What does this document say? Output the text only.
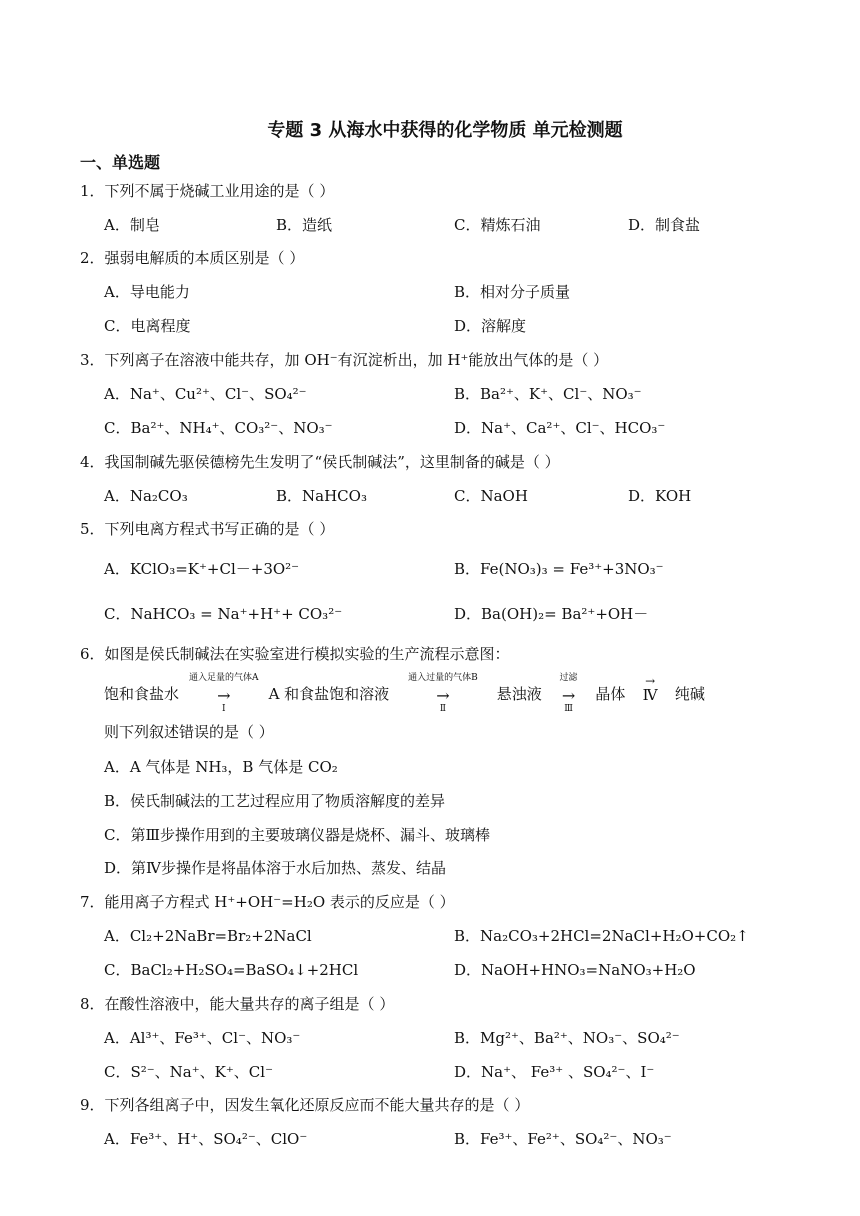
专题 3 从海水中获得的化学物质 单元检测题
一、单选题
1．下列不属于烧碱工业用途的是（ ）
A．制皂	B．造纸	C．精炼石油	D．制食盐
2．强弱电解质的本质区别是（ ）
A．导电能力	B．相对分子质量
C．电离程度	D．溶解度
3．下列离子在溶液中能共存，加 OH⁻有沉淀析出，加 H⁺能放出气体的是（ ）
A．Na⁺、Cu²⁺、Cl⁻、SO₄²⁻	B．Ba²⁺、K⁺、Cl⁻、NO₃⁻
C．Ba²⁺、NH₄⁺、CO₃²⁻、NO₃⁻	D．Na⁺、Ca²⁺、Cl⁻、HCO₃⁻
4．我国制碱先驱侯德榜先生发明了“侯氏制碱法”，这里制备的碱是（ ）
A．Na₂CO₃	B．NaHCO₃	C．NaOH	D．KOH
5．下列电离方程式书写正确的是（ ）
A．KClO₃=K⁺+Cl－+3O²⁻	B．Fe(NO₃)₃ = Fe³⁺+3NO₃⁻
C．NaHCO₃ = Na⁺+H⁺+ CO₃²⁻	D．Ba(OH)₂= Ba²⁺+OH－
6．如图是侯氏制碱法在实验室进行模拟实验的生产流程示意图：
饱和食盐水
通入足量的气体A
→
Ⅰ
A 和食盐饱和溶液
通入过量的气体B
→
Ⅱ
悬浊液
过滤
→
Ⅲ
晶体
→
Ⅳ 纯碱
则下列叙述错误的是（ ）
A．A 气体是 NH₃，B 气体是 CO₂
B．侯氏制碱法的工艺过程应用了物质溶解度的差异
C．第Ⅲ步操作用到的主要玻璃仪器是烧杯、漏斗、玻璃棒
D．第Ⅳ步操作是将晶体溶于水后加热、蒸发、结晶
7．能用离子方程式 H⁺+OH⁻=H₂O 表示的反应是（ ）
A．Cl₂+2NaBr=Br₂+2NaCl	B．Na₂CO₃+2HCl=2NaCl+H₂O+CO₂↑
C．BaCl₂+H₂SO₄=BaSO₄↓+2HCl	D．NaOH+HNO₃=NaNO₃+H₂O
8．在酸性溶液中，能大量共存的离子组是（ ）
A．Al³⁺、Fe³⁺、Cl⁻、NO₃⁻	B．Mg²⁺、Ba²⁺、NO₃⁻、SO₄²⁻
C．S²⁻、Na⁺、K⁺、Cl⁻	D．Na⁺、 Fe³⁺ 、SO₄²⁻、I⁻
9．下列各组离子中，因发生氧化还原反应而不能大量共存的是（ ）
A．Fe³⁺、H⁺、SO₄²⁻、ClO⁻	B．Fe³⁺、Fe²⁺、SO₄²⁻、NO₃⁻
